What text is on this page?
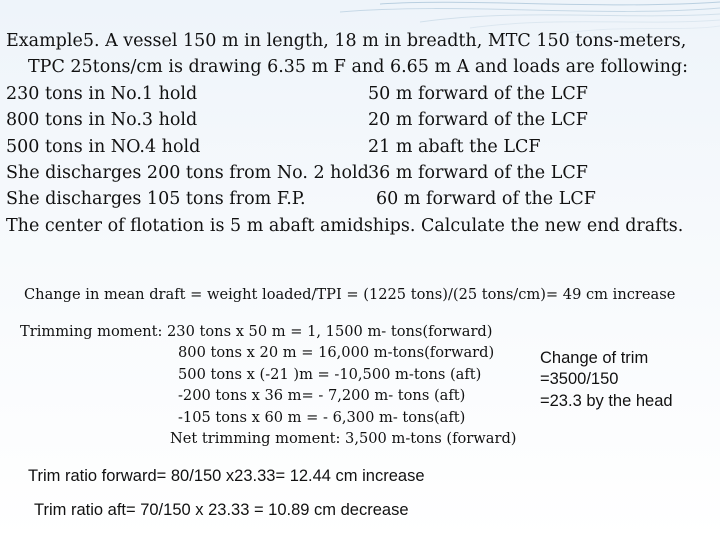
Example5. A vessel 150 m in length, 18 m in breadth, MTC 150 tons-meters,
TPC 25tons/cm is drawing 6.35 m F and 6.65 m A and loads are following:
230 tons in No.1 hold	50 m forward of the LCF
800 tons in No.3 hold	20 m forward of the LCF
500 tons in NO.4 hold	21 m abaft the LCF
She discharges 200 tons from No. 2 hold 36 m forward of the LCF
She discharges 105 tons from F.P.	60 m forward of the LCF
The center of flotation is 5 m abaft amidships. Calculate the new end drafts.
Change in mean draft = weight loaded/TPI = (1225 tons)/(25 tons/cm)= 49 cm increase
Trimming moment: 230 tons x 50 m = 1, 1500 m- tons(forward)
800 tons x 20 m = 16,000 m-tons(forward)
500 tons x (-21 )m = -10,500 m-tons (aft)
-200 tons x 36 m= - 7,200 m- tons (aft)
-105 tons x 60 m = - 6,300 m- tons(aft)
Net trimming moment: 3,500 m-tons (forward)
Change of trim
=3500/150
=23.3 by the head
Trim ratio forward= 80/150 x23.33= 12.44 cm increase
Trim ratio aft= 70/150 x 23.33 = 10.89 cm decrease
